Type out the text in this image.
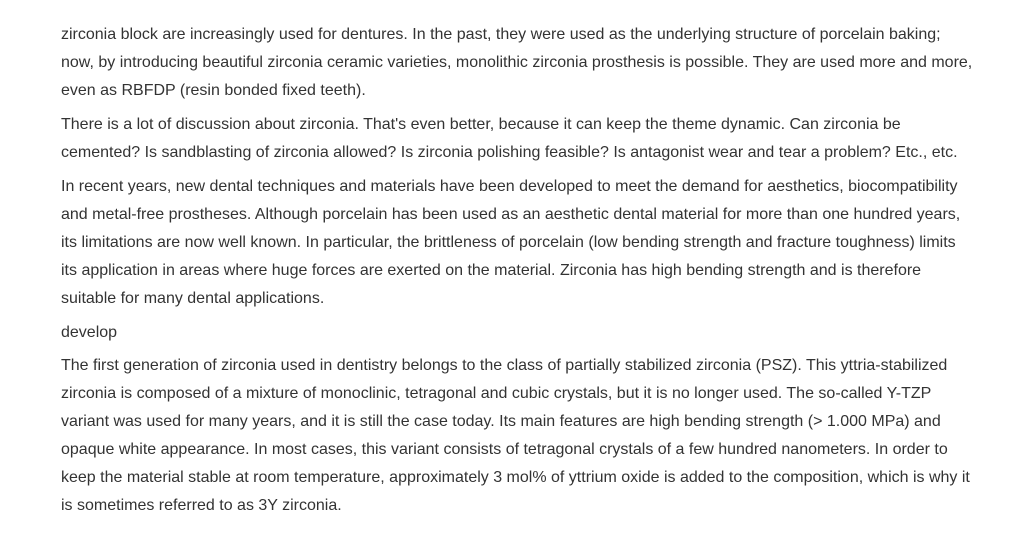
zirconia block are increasingly used for dentures. In the past, they were used as the underlying structure of porcelain baking; now, by introducing beautiful zirconia ceramic varieties, monolithic zirconia prosthesis is possible. They are used more and more, even as RBFDP (resin bonded fixed teeth).

There is a lot of discussion about zirconia. That's even better, because it can keep the theme dynamic. Can zirconia be cemented? Is sandblasting of zirconia allowed? Is zirconia polishing feasible? Is antagonist wear and tear a problem? Etc., etc.

In recent years, new dental techniques and materials have been developed to meet the demand for aesthetics, biocompatibility and metal-free prostheses. Although porcelain has been used as an aesthetic dental material for more than one hundred years, its limitations are now well known. In particular, the brittleness of porcelain (low bending strength and fracture toughness) limits its application in areas where huge forces are exerted on the material. Zirconia has high bending strength and is therefore suitable for many dental applications.

develop

The first generation of zirconia used in dentistry belongs to the class of partially stabilized zirconia (PSZ). This yttria-stabilized zirconia is composed of a mixture of monoclinic, tetragonal and cubic crystals, but it is no longer used. The so-called Y-TZP variant was used for many years, and it is still the case today. Its main features are high bending strength (> 1.000 MPa) and opaque white appearance. In most cases, this variant consists of tetragonal crystals of a few hundred nanometers. In order to keep the material stable at room temperature, approximately 3 mol% of yttrium oxide is added to the composition, which is why it is sometimes referred to as 3Y zirconia.
